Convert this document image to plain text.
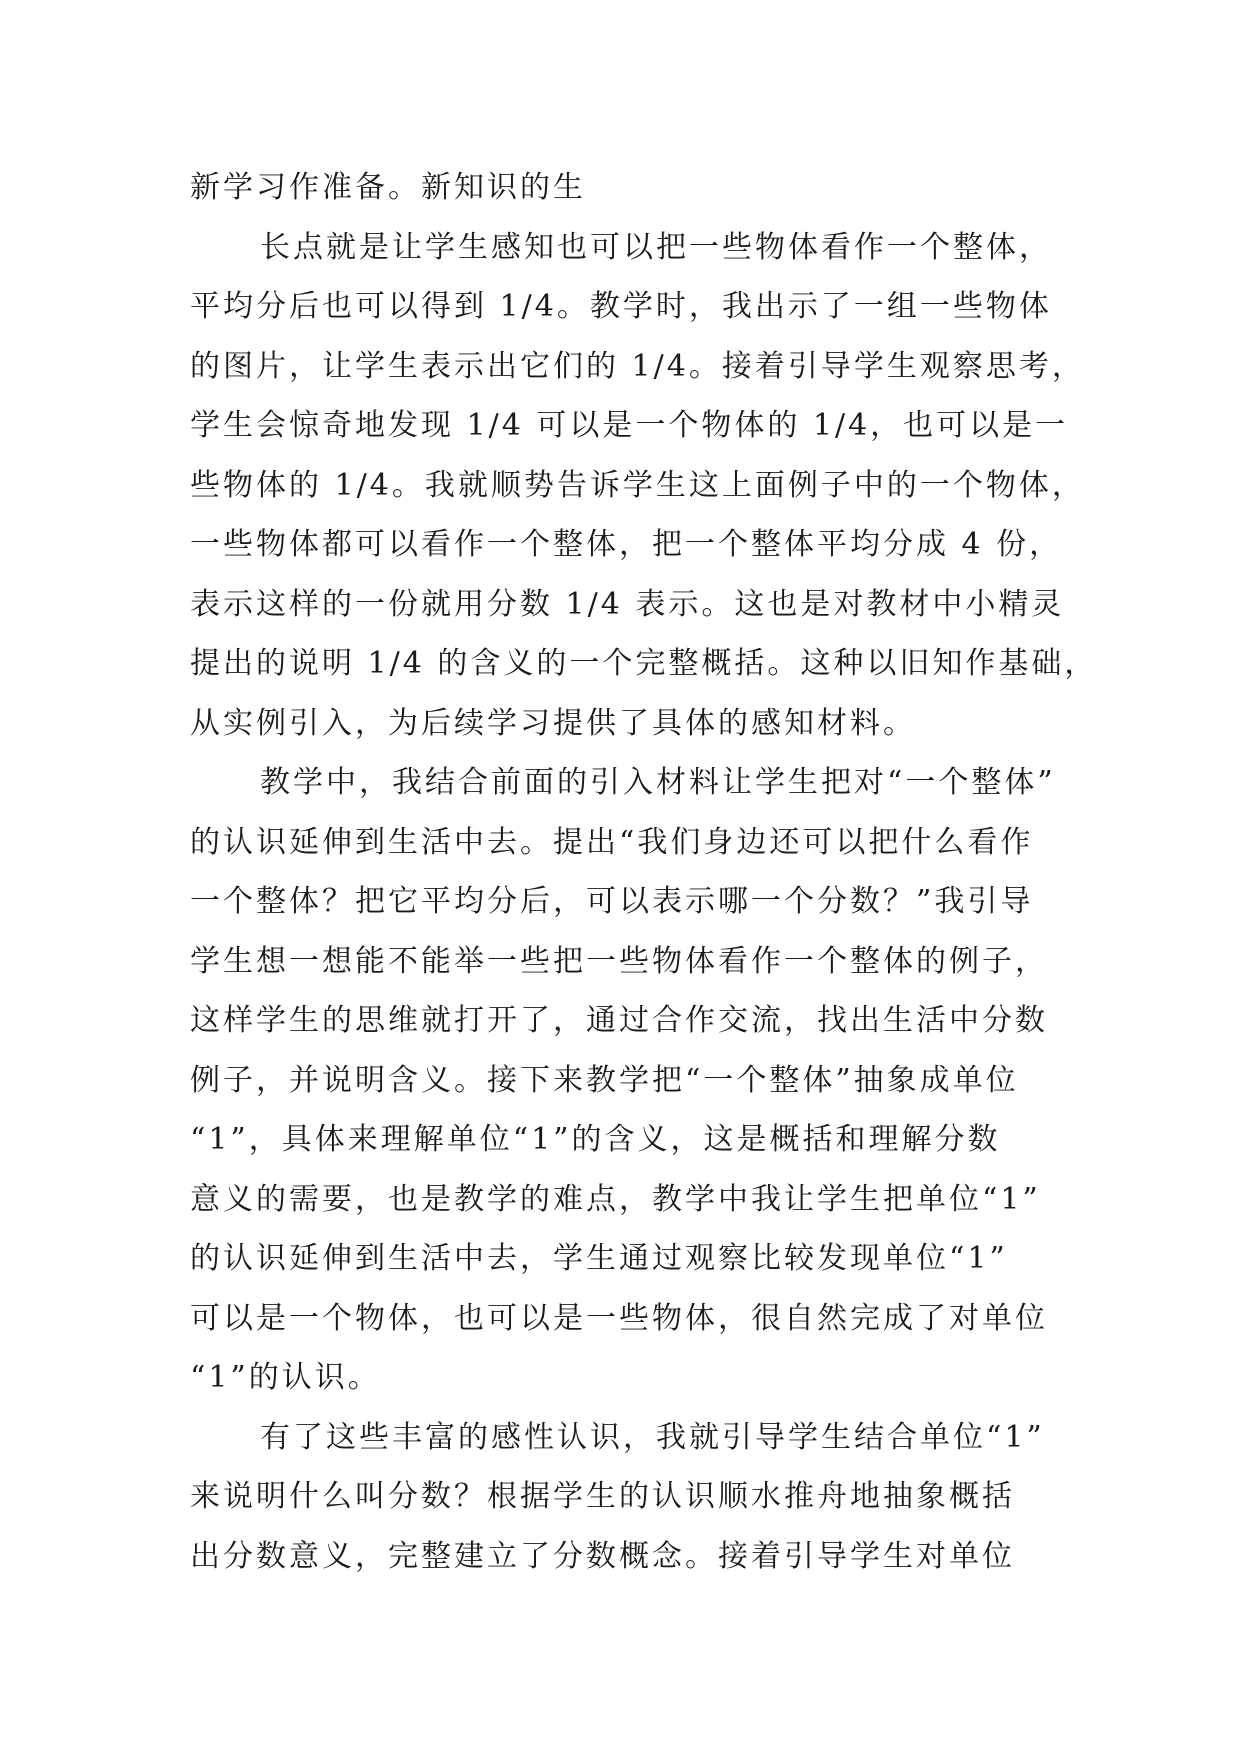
新学习作准备。新知识的生
长点就是让学生感知也可以把一些物体看作一个整体，
平均分后也可以得到 1/4。教学时，我出示了一组一些物体
的图片，让学生表示出它们的 1/4。接着引导学生观察思考，
学生会惊奇地发现 1/4 可以是一个物体的 1/4，也可以是一
些物体的 1/4。我就顺势告诉学生这上面例子中的一个物体，
一些物体都可以看作一个整体，把一个整体平均分成 4 份，
表示这样的一份就用分数 1/4 表示。这也是对教材中小精灵
提出的说明 1/4 的含义的一个完整概括。这种以旧知作基础，
从实例引入，为后续学习提供了具体的感知材料。
教学中，我结合前面的引入材料让学生把对“一个整体”
的认识延伸到生活中去。提出“我们身边还可以把什么看作
一个整体？把它平均分后，可以表示哪一个分数？”我引导
学生想一想能不能举一些把一些物体看作一个整体的例子，
这样学生的思维就打开了，通过合作交流，找出生活中分数
例子，并说明含义。接下来教学把“一个整体”抽象成单位
“1”，具体来理解单位“1”的含义，这是概括和理解分数
意义的需要，也是教学的难点，教学中我让学生把单位“1”
的认识延伸到生活中去，学生通过观察比较发现单位“1”
可以是一个物体，也可以是一些物体，很自然完成了对单位
“1”的认识。
有了这些丰富的感性认识，我就引导学生结合单位“1”
来说明什么叫分数？根据学生的认识顺水推舟地抽象概括
出分数意义，完整建立了分数概念。接着引导学生对单位
